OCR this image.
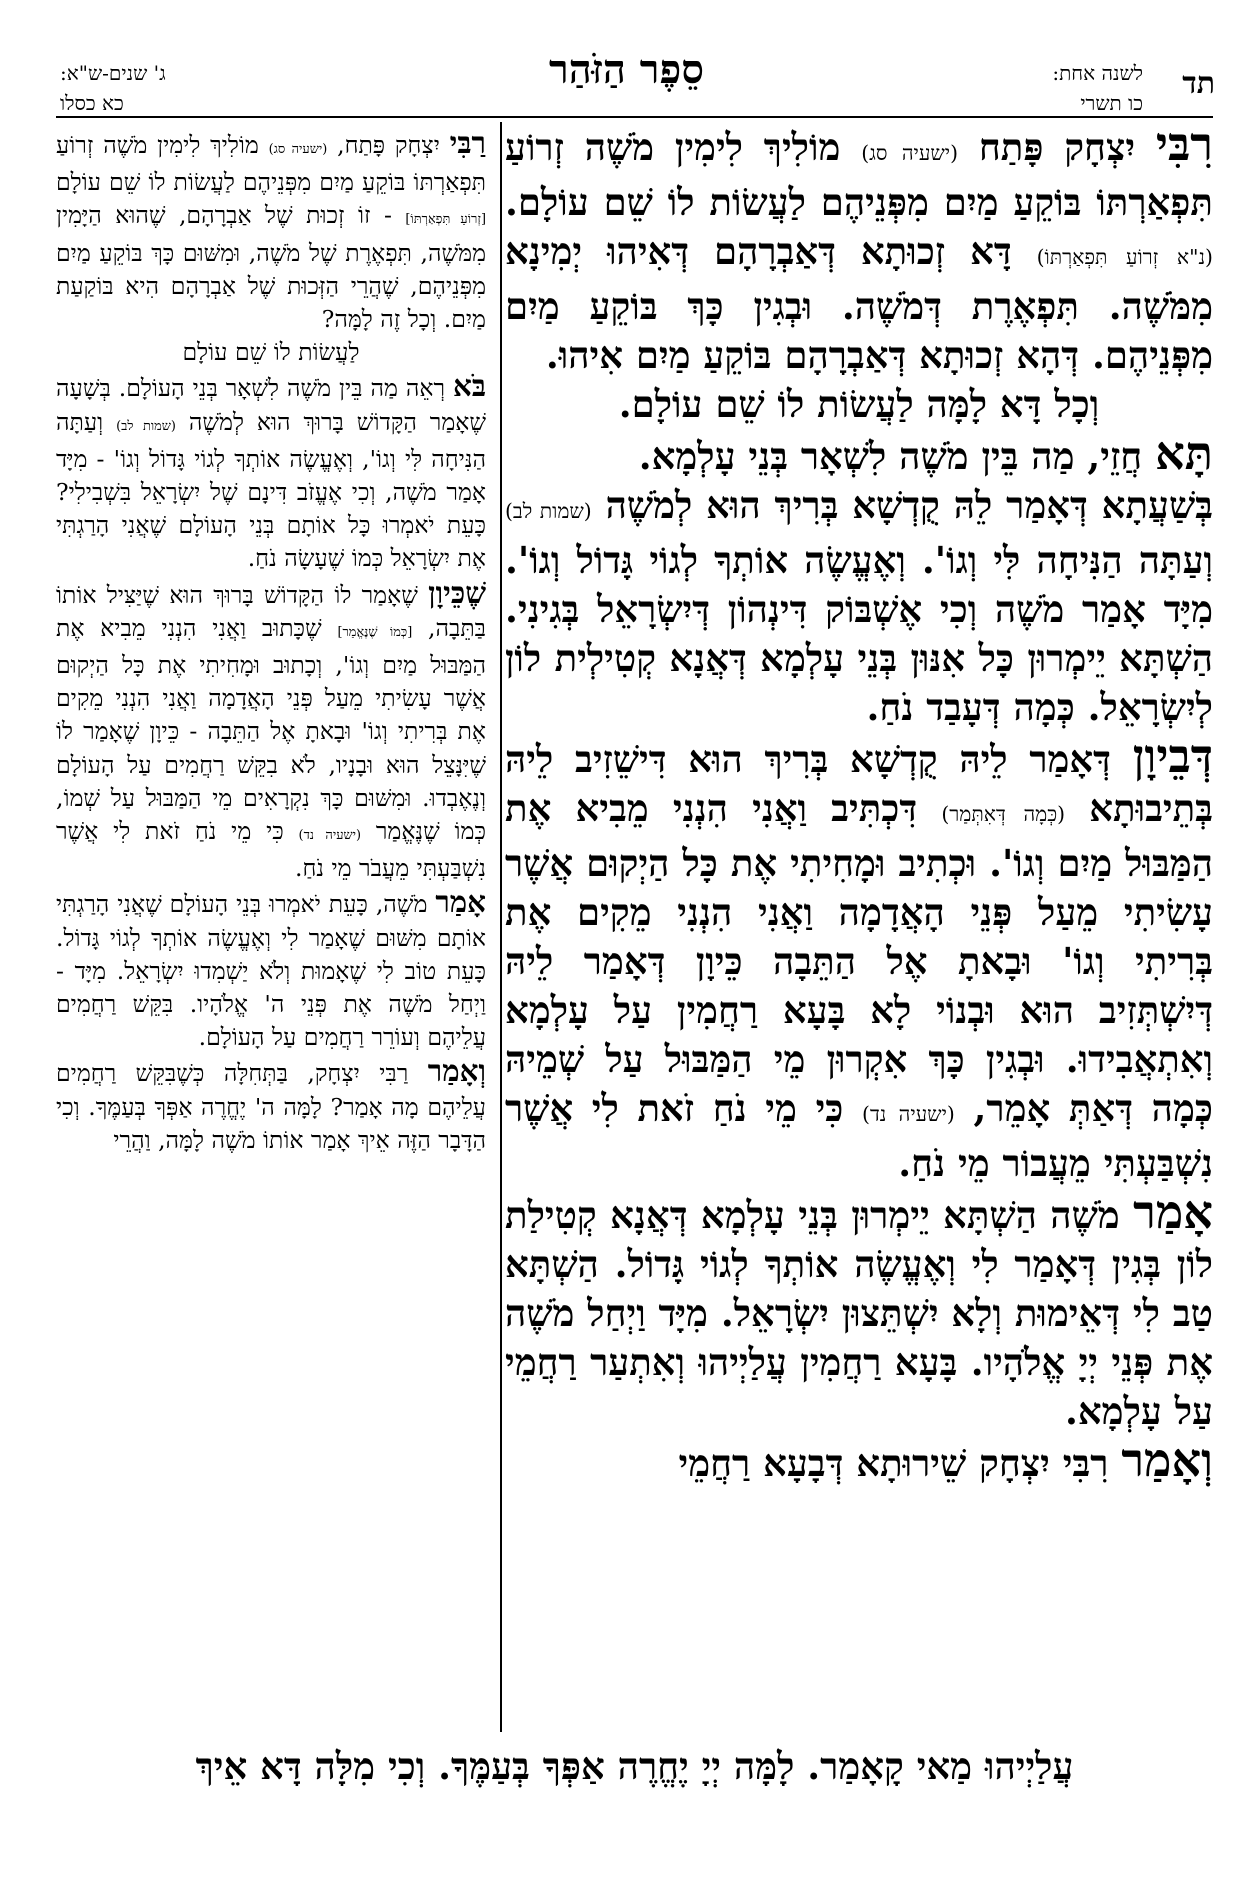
תד
לשנה אחת:
כו תשרי
סֵפֶר הַזֹּהַר
ג' שנים-ש"א:
כא כסלו

רִבִּי יִצְחָק פָּתַח (ישעיה סג) מוֹלִיךְ לִימִין מֹשֶׁה זְרוֹעַ תִּפְאַרְתּוֹ בּוֹקֵעַ מַיִם מִפְּנֵיהֶם לַעֲשׂוֹת לוֹ שֵׁם עוֹלָם. (נ"א זְרוֹעַ תִּפְאַרְתּוֹ) דָּא זְכוּתָא דְּאַבְרָהָם דְּאִיהוּ יְמִינָא מִמֹּשֶׁה. תִּפְאֶרֶת דְּמֹשֶׁה. וּבְגִין כָּךְ בּוֹקֵעַ מַיִם מִפְּנֵיהֶם. דְּהָא זְכוּתָא דְּאַבְרָהָם בּוֹקֵעַ מַיִם אִיהוּ.

וְכָל דָּא לָמָּה לַעֲשׂוֹת לוֹ שֵׁם עוֹלָם.

תָּא חֲזֵי, מַה בֵּין מֹשֶׁה לִשְׁאָר בְּנֵי עָלְמָא.

בְּשַׁעֲתָא דְּאָמַר לֵהּ קֻדְשָׁא בְּרִיךְ הוּא לְמֹשֶׁה (שמות לב) וְעַתָּה הַנִּיחָה לִּי וְגוֹ'. וְאֶעֱשֶׂה אוֹתְךָ לְגוֹי גָּדוֹל וְגוֹ'. מִיָּד אָמַר מֹשֶׁה וְכִי אֶשְׁבּוֹק דִּינְהוֹן דְּיִשְׂרָאֵל בְּגִינִי. הַשְׁתָּא יֵימְרוּן כָּל אִנּוּן בְּנֵי עָלְמָא דְּאֲנָא קְטִילְית לוֹן לְיִשְׂרָאֵל. כְּמָה דְּעָבַד נֹחַ.

דְּבֵיוָן דְּאָמַר לֵיהּ קֻדְשָׁא בְּרִיךְ הוּא דִּישֵׁזִיב לֵיהּ בְּתֵיבוּתָא (כְּמָה דְּאִתְּמַר) דִּכְתִּיב וַאֲנִי הִנְנִי מֵבִיא אֶת הַמַּבּוּל מַיִם וְגוֹ'. וּכְתִיב וּמָחִיתִי אֶת כָּל הַיְקוּם אֲשֶׁר עָשִׂיתִי מֵעַל פְּנֵי הָאֲדָמָה וַאֲנִי הִנְנִי מֵקִים אֶת בְּרִיתִי וְגוֹ' וּבָאתָ אֶל הַתֵּבָה כֵּיוָן דְּאָמַר לֵיהּ דְּיִשְׁתְּזִיב הוּא וּבְנוֹי לָא בָּעָא רַחֲמִין עַל עָלְמָא וְאִתְאֲבִידוּ. וּבְגִין כָּךְ אִקְרוּן מֵי הַמַּבּוּל עַל שְׁמֵיהּ כְּמָה דְּאַתְּ אָמֵר, (ישעיה נד) כִּי מֵי נֹחַ זֹאת לִי אֲשֶׁר נִשְׁבַּעְתִּי מֵעֲבוֹר מֵי נֹחַ.

אָמַר מֹשֶׁה הַשְׁתָּא יֵימְרוּן בְּנֵי עָלְמָא דְּאֲנָא קְטִילַת לוֹן בְּגִין דְּאָמַר לִי וְאֶעֱשֶׂה אוֹתְךָ לְגוֹי גָּדוֹל. הַשְׁתָּא טַב לִי דְּאֵימוּת וְלָא יִשְׁתֵּצוּן יִשְׂרָאֵל. מִיָּד וַיְחַל מֹשֶׁה אֶת פְּנֵי יְיָ אֱלֹהָיו. בָּעָא רַחֲמִין עֲלַיְיהוּ וְאִתְעַר רַחֲמֵי עַל עָלְמָא.

וְאָמַר רִבִּי יִצְחָק שֵׁירוּתָא דְּבָעָא רַחֲמֵי

רַבִּי יִצְחָק פָּתַח, (ישעיה סג) מוֹלִיךְ לִימִין מֹשֶׁה זְרוֹעַ תִּפְאַרְתּוֹ בּוֹקֵעַ מַיִם מִפְּנֵיהֶם לַעֲשׂוֹת לוֹ שֵׁם עוֹלָם [זְרוֹעַ תִּפְאַרְתּוֹ] - זוֹ זְכוּת שֶׁל אַבְרָהָם, שֶׁהוּא הַיָּמִין מִמֹּשֶׁה, תִּפְאֶרֶת שֶׁל מֹשֶׁה, וּמִשּׁוּם כָּךְ בּוֹקֵעַ מַיִם מִפְּנֵיהֶם, שֶׁהֲרֵי הַזְּכוּת שֶׁל אַבְרָהָם הִיא בּוֹקַעַת מַיִם. וְכָל זֶה לָמָּה?

לַעֲשׂוֹת לוֹ שֵׁם עוֹלָם

בֹּא רְאֵה מַה בֵּין מֹשֶׁה לִשְׁאָר בְּנֵי הָעוֹלָם. בְּשָׁעָה שֶׁאָמַר הַקָּדוֹשׁ בָּרוּךְ הוּא לְמֹשֶׁה (שמות לב) וְעַתָּה הַנִּיחָה לִּי וְגוֹ', וְאֶעֱשֶׂה אוֹתְךָ לְגוֹי גָּדוֹל וְגוֹ' - מִיָּד אָמַר מֹשֶׁה, וְכִי אֶעֱזֹב דִּינָם שֶׁל יִשְׂרָאֵל בִּשְׁבִילִי? כָּעֵת יֹאמְרוּ כָּל אוֹתָם בְּנֵי הָעוֹלָם שֶׁאֲנִי הָרַגְתִּי אֶת יִשְׂרָאֵל כְּמוֹ שֶׁעָשָׂה נֹחַ.

שֶׁכֵּיוָן שֶׁאָמַר לוֹ הַקָּדוֹשׁ בָּרוּךְ הוּא שֶׁיַּצִּיל אוֹתוֹ בַּתֵּבָה, [כְּמוֹ שֶׁנֶּאֱמַר] שֶׁכָּתוּב וַאֲנִי הִנְנִי מֵבִיא אֶת הַמַּבּוּל מַיִם וְגוֹ', וְכָתוּב וּמָחִיתִי אֶת כָּל הַיְקוּם אֲשֶׁר עָשִׂיתִי מֵעַל פְּנֵי הָאֲדָמָה וַאֲנִי הִנְנִי מֵקִים אֶת בְּרִיתִי וְגוֹ' וּבָאתָ אֶל הַתֵּבָה - כֵּיוָן שֶׁאָמַר לוֹ שֶׁיִּנָּצֵל הוּא וּבָנָיו, לֹא בִקֵּשׁ רַחֲמִים עַל הָעוֹלָם וְנֶאֶבְדוּ. וּמִשּׁוּם כָּךְ נִקְרָאִים מֵי הַמַּבּוּל עַל שְׁמוֹ, כְּמוֹ שֶׁנֶּאֱמַר (ישעיה נד) כִּי מֵי נֹחַ זֹאת לִי אֲשֶׁר נִשְׁבַּעְתִּי מֵעֲבֹר מֵי נֹחַ.

אָמַר מֹשֶׁה, כָּעֵת יֹאמְרוּ בְּנֵי הָעוֹלָם שֶׁאֲנִי הָרַגְתִּי אוֹתָם מִשּׁוּם שֶׁאָמַר לִי וְאֶעֱשֶׂה אוֹתְךָ לְגוֹי גָּדוֹל. כָּעֵת טוֹב לִי שֶׁאָמוּת וְלֹא יַשְׁמִדוּ יִשְׂרָאֵל. מִיָּד - וַיְחַל מֹשֶׁה אֶת פְּנֵי ה' אֱלֹהָיו. בִּקֵּשׁ רַחֲמִים עֲלֵיהֶם וְעוֹרֵר רַחֲמִים עַל הָעוֹלָם.

וְאָמַר רַבִּי יִצְחָק, בַּתְּחִלָּה כְּשֶׁבִּקֵּשׁ רַחֲמִים עֲלֵיהֶם מָה אָמַר? לָמָּה ה' יֶחֱרֶה אַפְּךָ בְּעַמֶּךָ. וְכִי הַדָּבָר הַזֶּה אֵיךְ אָמַר אוֹתוֹ מֹשֶׁה לָמָּה, וַהֲרֵי

עֲלַיְיהוּ מַאי קָאָמַר. לָמָּה יְיָ יֶחֱרֶה אַפְּךָ בְּעַמֶּךָ. וְכִי מִלָּה דָּא אֵיךְ
